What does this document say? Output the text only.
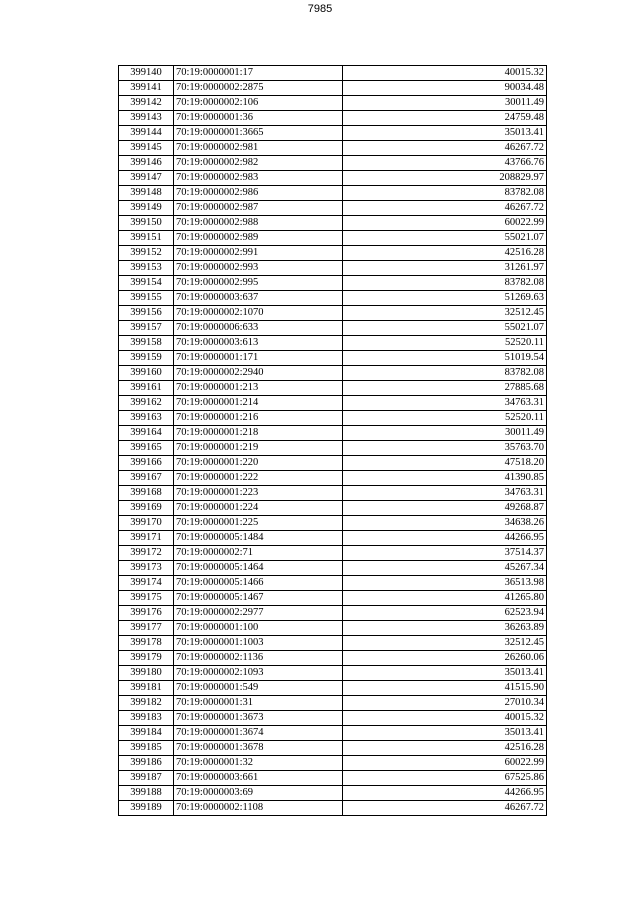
7985
399140	70:19:0000001:17	40015.32
399141	70:19:0000002:2875	90034.48
399142	70:19:0000002:106	30011.49
399143	70:19:0000001:36	24759.48
399144	70:19:0000001:3665	35013.41
399145	70:19:0000002:981	46267.72
399146	70:19:0000002:982	43766.76
399147	70:19:0000002:983	208829.97
399148	70:19:0000002:986	83782.08
399149	70:19:0000002:987	46267.72
399150	70:19:0000002:988	60022.99
399151	70:19:0000002:989	55021.07
399152	70:19:0000002:991	42516.28
399153	70:19:0000002:993	31261.97
399154	70:19:0000002:995	83782.08
399155	70:19:0000003:637	51269.63
399156	70:19:0000002:1070	32512.45
399157	70:19:0000006:633	55021.07
399158	70:19:0000003:613	52520.11
399159	70:19:0000001:171	51019.54
399160	70:19:0000002:2940	83782.08
399161	70:19:0000001:213	27885.68
399162	70:19:0000001:214	34763.31
399163	70:19:0000001:216	52520.11
399164	70:19:0000001:218	30011.49
399165	70:19:0000001:219	35763.70
399166	70:19:0000001:220	47518.20
399167	70:19:0000001:222	41390.85
399168	70:19:0000001:223	34763.31
399169	70:19:0000001:224	49268.87
399170	70:19:0000001:225	34638.26
399171	70:19:0000005:1484	44266.95
399172	70:19:0000002:71	37514.37
399173	70:19:0000005:1464	45267.34
399174	70:19:0000005:1466	36513.98
399175	70:19:0000005:1467	41265.80
399176	70:19:0000002:2977	62523.94
399177	70:19:0000001:100	36263.89
399178	70:19:0000001:1003	32512.45
399179	70:19:0000002:1136	26260.06
399180	70:19:0000002:1093	35013.41
399181	70:19:0000001:549	41515.90
399182	70:19:0000001:31	27010.34
399183	70:19:0000001:3673	40015.32
399184	70:19:0000001:3674	35013.41
399185	70:19:0000001:3678	42516.28
399186	70:19:0000001:32	60022.99
399187	70:19:0000003:661	67525.86
399188	70:19:0000003:69	44266.95
399189	70:19:0000002:1108	46267.72
